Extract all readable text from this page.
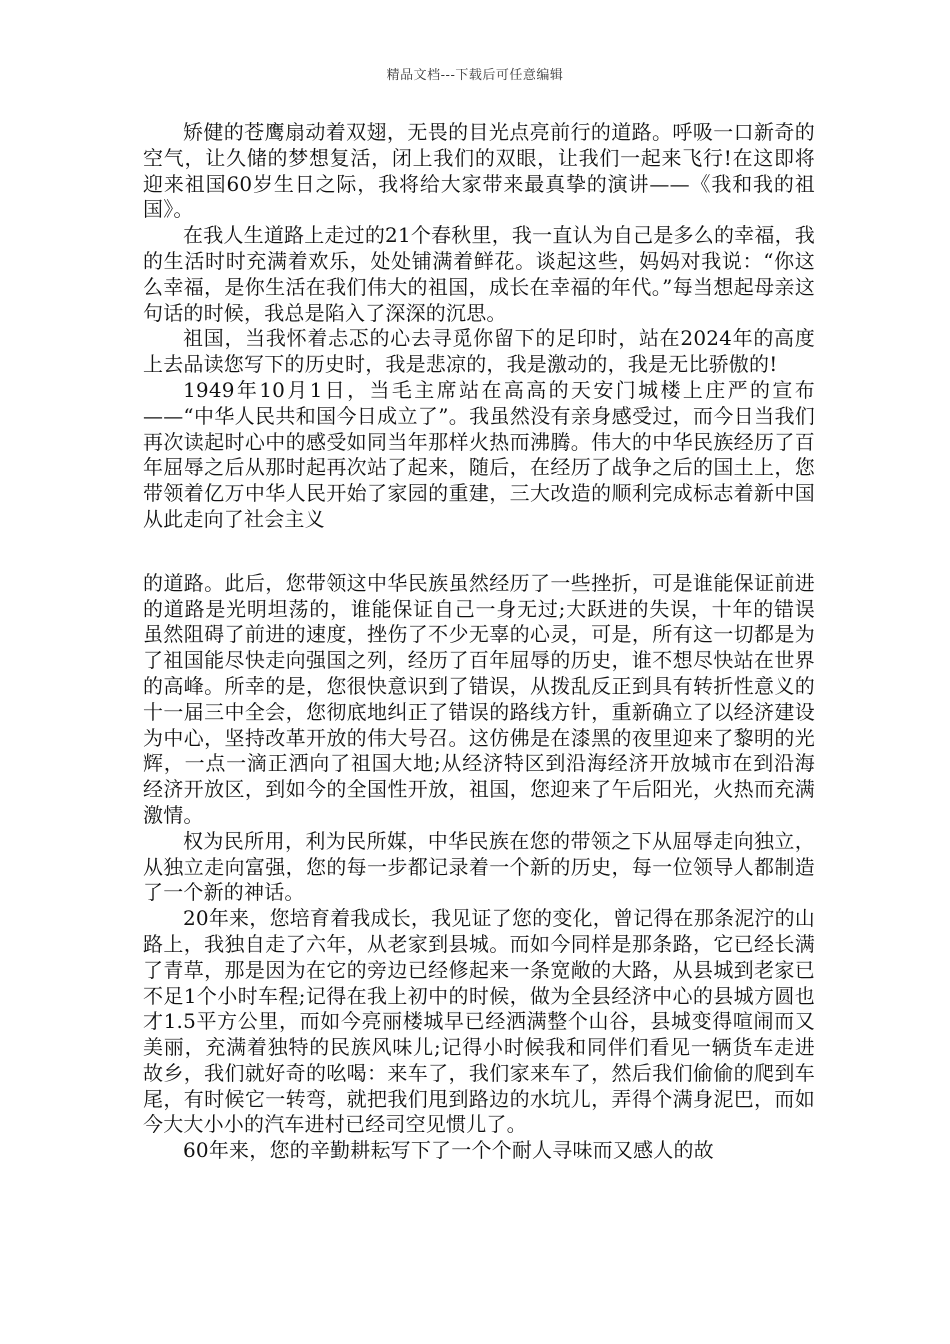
精品文档---下载后可任意编辑

矫健的苍鹰扇动着双翅，无畏的目光点亮前行的道路。呼吸一口新奇的空气，让久储的梦想复活，闭上我们的双眼，让我们一起来飞行!在这即将迎来祖国60岁生日之际，我将给大家带来最真挚的演讲——《我和我的祖国》。

在我人生道路上走过的21个春秋里，我一直认为自己是多么的幸福，我的生活时时充满着欢乐，处处铺满着鲜花。谈起这些，妈妈对我说：“你这么幸福，是你生活在我们伟大的祖国，成长在幸福的年代。”每当想起母亲这句话的时候，我总是陷入了深深的沉思。

祖国，当我怀着忐忑的心去寻觅你留下的足印时，站在2024年的高度上去品读您写下的历史时，我是悲凉的，我是激动的，我是无比骄傲的!

1949年10月1日，当毛主席站在高高的天安门城楼上庄严的宣布——“中华人民共和国今日成立了”。我虽然没有亲身感受过，而今日当我们再次读起时心中的感受如同当年那样火热而沸腾。伟大的中华民族经历了百年屈辱之后从那时起再次站了起来，随后，在经历了战争之后的国土上，您带领着亿万中华人民开始了家园的重建，三大改造的顺利完成标志着新中国从此走向了社会主义

的道路。此后，您带领这中华民族虽然经历了一些挫折，可是谁能保证前进的道路是光明坦荡的，谁能保证自己一身无过;大跃进的失误，十年的错误虽然阻碍了前进的速度，挫伤了不少无辜的心灵，可是，所有这一切都是为了祖国能尽快走向强国之列，经历了百年屈辱的历史，谁不想尽快站在世界的高峰。所幸的是，您很快意识到了错误，从拨乱反正到具有转折性意义的十一届三中全会，您彻底地纠正了错误的路线方针，重新确立了以经济建设为中心，坚持改革开放的伟大号召。这仿佛是在漆黑的夜里迎来了黎明的光辉，一点一滴正洒向了祖国大地;从经济特区到沿海经济开放城市在到沿海经济开放区，到如今的全国性开放，祖国，您迎来了午后阳光，火热而充满激情。

权为民所用，利为民所媒，中华民族在您的带领之下从屈辱走向独立，从独立走向富强，您的每一步都记录着一个新的历史，每一位领导人都制造了一个新的神话。

20年来，您培育着我成长，我见证了您的变化，曾记得在那条泥泞的山路上，我独自走了六年，从老家到县城。而如今同样是那条路，它已经长满了青草，那是因为在它的旁边已经修起来一条宽敞的大路，从县城到老家已不足1个小时车程;记得在我上初中的时候，做为全县经济中心的县城方圆也才1.5平方公里，而如今亮丽楼城早已经洒满整个山谷，县城变得喧闹而又美丽，充满着独特的民族风味儿;记得小时候我和同伴们看见一辆货车走进故乡，我们就好奇的吆喝：来车了，我们家来车了，然后我们偷偷的爬到车尾，有时候它一转弯，就把我们甩到路边的水坑儿，弄得个满身泥巴，而如今大大小小的汽车进村已经司空见惯儿了。

60年来，您的辛勤耕耘写下了一个个耐人寻味而又感人的故
